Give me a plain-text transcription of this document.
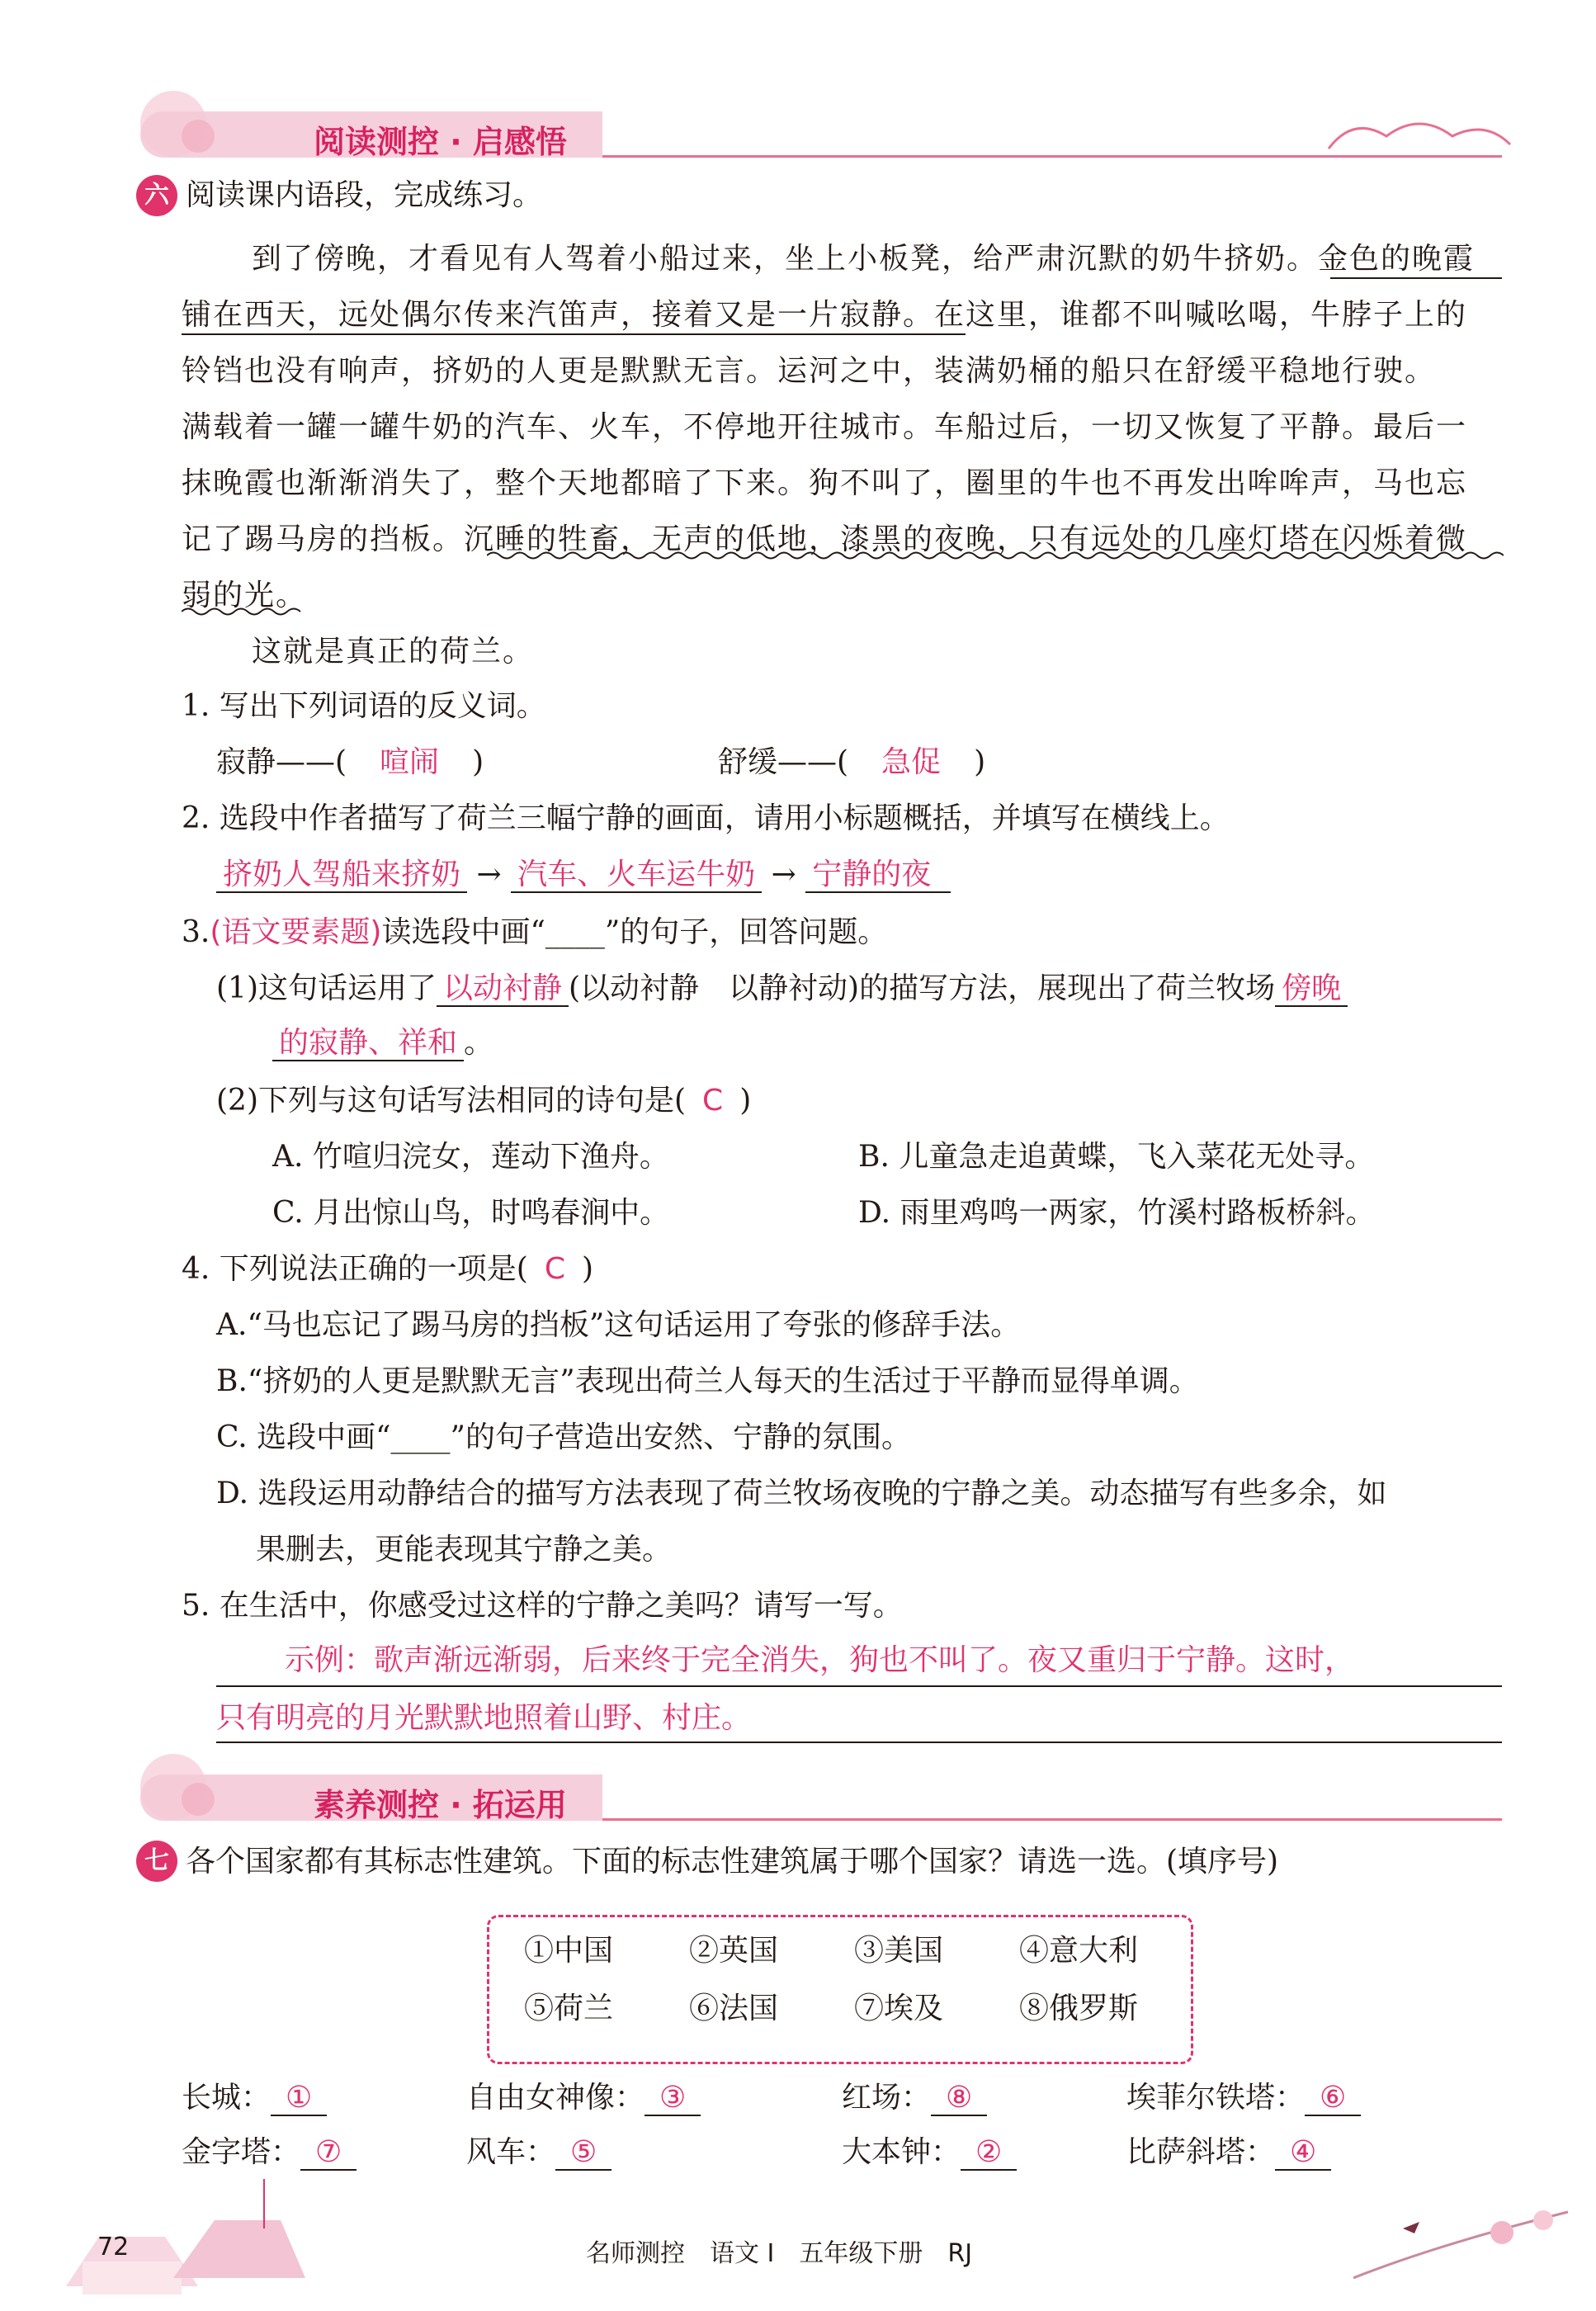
阅读测控 · 启感悟
六 阅读课内语段，完成练习。
到了傍晚，才看见有人驾着小船过来，坐上小板凳，给严肃沉默的奶牛挤奶。金色的晚霞
铺在西天，远处偶尔传来汽笛声，接着又是一片寂静。在这里，谁都不叫喊吆喝，牛脖子上的
铃铛也没有响声，挤奶的人更是默默无言。运河之中，装满奶桶的船只在舒缓平稳地行驶。
满载着一罐一罐牛奶的汽车、火车，不停地开往城市。车船过后，一切又恢复了平静。最后一
抹晚霞也渐渐消失了，整个天地都暗了下来。狗不叫了，圈里的牛也不再发出哞哞声，马也忘
记了踢马房的挡板。沉睡的牲畜，无声的低地，漆黑的夜晚，只有远处的几座灯塔在闪烁着微
弱的光。
这就是真正的荷兰。
1. 写出下列词语的反义词。
寂静——( 喧闹 )	舒缓——( 急促 )
2. 选段中作者描写了荷兰三幅宁静的画面，请用小标题概括，并填写在横线上。
挤奶人驾船来挤奶 → 汽车、火车运牛奶 → 宁静的夜
3.(语文要素题)读选段中画“____”的句子，回答问题。
(1)这句话运用了 以动衬静 (以动衬静　以静衬动)的描写方法，展现出了荷兰牧场 傍晚
的寂静、祥和 。
(2)下列与这句话写法相同的诗句是( C )
A. 竹喧归浣女，莲动下渔舟。	B. 儿童急走追黄蝶，飞入菜花无处寻。
C. 月出惊山鸟，时鸣春涧中。	D. 雨里鸡鸣一两家，竹溪村路板桥斜。
4. 下列说法正确的一项是( C )
A.“马也忘记了踢马房的挡板”这句话运用了夸张的修辞手法。
B.“挤奶的人更是默默无言”表现出荷兰人每天的生活过于平静而显得单调。
C. 选段中画“____”的句子营造出安然、宁静的氛围。
D. 选段运用动静结合的描写方法表现了荷兰牧场夜晚的宁静之美。动态描写有些多余，如
果删去，更能表现其宁静之美。
5. 在生活中，你感受过这样的宁静之美吗？请写一写。
示例：歌声渐远渐弱，后来终于完全消失，狗也不叫了。夜又重归于宁静。这时，
只有明亮的月光默默地照着山野、村庄。
素养测控 · 拓运用
七 各个国家都有其标志性建筑。下面的标志性建筑属于哪个国家？请选一选。(填序号)
①中国	②英国	③美国	④意大利
⑤荷兰	⑥法国	⑦埃及	⑧俄罗斯
长城： ①	自由女神像： ③	红场： ⑧	埃菲尔铁塔： ⑥
金字塔： ⑦	风车： ⑤	大本钟： ②	比萨斜塔： ④
72	名师测控　语文 I　五年级下册　RJ
